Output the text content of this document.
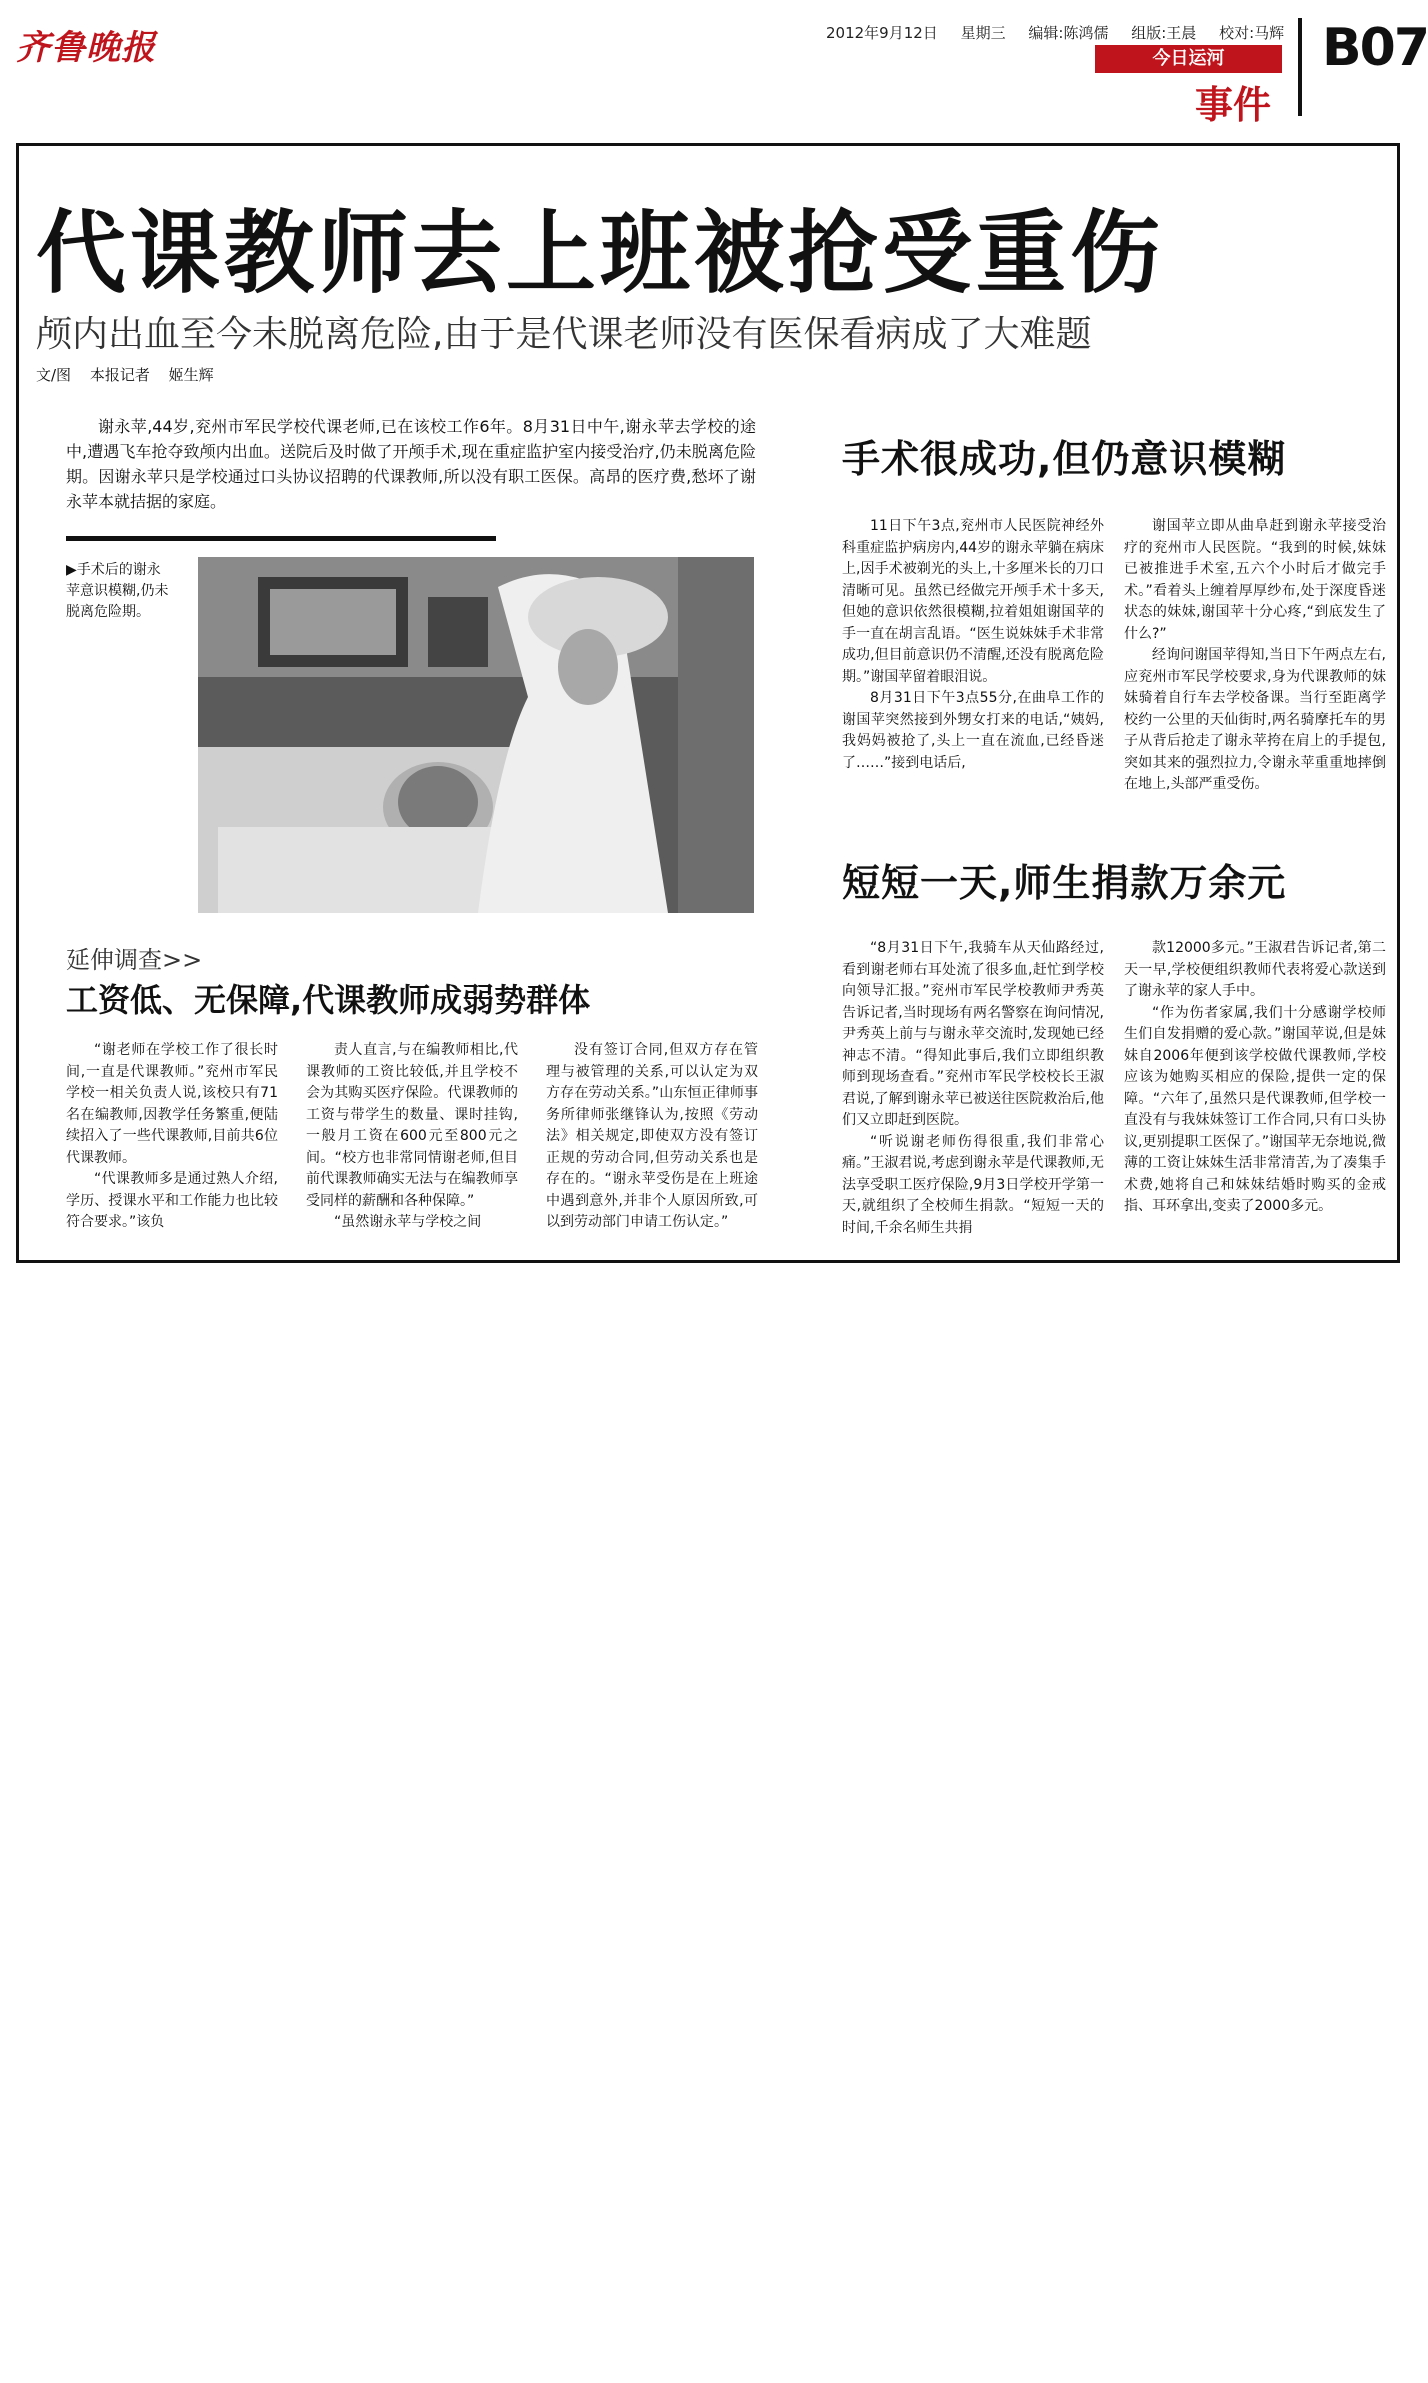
齐鲁晚报	2012年9月12日 星期三 编辑:陈鸿儒 组版:王晨 校对:马辉
今日运河
事件
B07
代课教师去上班被抢受重伤
颅内出血至今未脱离危险,由于是代课老师没有医保看病成了大难题
文/图 本报记者 姬生辉
谢永苹,44岁,兖州市军民学校代课老师,已在该校工作6年。8月31日中午,谢永苹去学校的途中,遭遇飞车抢夺致颅内出血。送院后及时做了开颅手术,现在重症监护室内接受治疗,仍未脱离危险期。因谢永苹只是学校通过口头协议招聘的代课教师,所以没有职工医保。高昂的医疗费,愁坏了谢永苹本就拮据的家庭。
▶手术后的谢永苹意识模糊,仍未脱离危险期。
手术很成功,但仍意识模糊

11日下午3点,兖州市人民医院神经外科重症监护病房内,44岁的谢永苹躺在病床上,因手术被剃光的头上,十多厘米长的刀口清晰可见。虽然已经做完开颅手术十多天,但她的意识依然很模糊,拉着姐姐谢国苹的手一直在胡言乱语。“医生说妹妹手术非常成功,但目前意识仍不清醒,还没有脱离危险期。”谢国苹留着眼泪说。

8月31日下午3点55分,在曲阜工作的谢国苹突然接到外甥女打来的电话,“姨妈,我妈妈被抢了,头上一直在流血,已经昏迷了……”接到电话后,

谢国苹立即从曲阜赶到谢永苹接受治疗的兖州市人民医院。“我到的时候,妹妹已被推进手术室,五六个小时后才做完手术。”看着头上缠着厚厚纱布,处于深度昏迷状态的妹妹,谢国苹十分心疼,“到底发生了什么?”

经询问谢国苹得知,当日下午两点左右,应兖州市军民学校要求,身为代课教师的妹妹骑着自行车去学校备课。当行至距离学校约一公里的天仙街时,两名骑摩托车的男子从背后抢走了谢永苹挎在肩上的手提包,突如其来的强烈拉力,令谢永苹重重地摔倒在地上,头部严重受伤。

短短一天,师生捐款万余元

“8月31日下午,我骑车从天仙路经过,看到谢老师右耳处流了很多血,赶忙到学校向领导汇报。”兖州市军民学校教师尹秀英告诉记者,当时现场有两名警察在询问情况,尹秀英上前与与谢永苹交流时,发现她已经神志不清。“得知此事后,我们立即组织教师到现场查看。”兖州市军民学校校长王淑君说,了解到谢永苹已被送往医院救治后,他们又立即赶到医院。

“听说谢老师伤得很重,我们非常心痛。”王淑君说,考虑到谢永苹是代课教师,无法享受职工医疗保险,9月3日学校开学第一天,就组织了全校师生捐款。“短短一天的时间,千余名师生共捐

款12000多元。”王淑君告诉记者,第二天一早,学校便组织教师代表将爱心款送到了谢永苹的家人手中。

“作为伤者家属,我们十分感谢学校师生们自发捐赠的爱心款。”谢国苹说,但是妹妹自2006年便到该学校做代课教师,学校应该为她购买相应的保险,提供一定的保障。“六年了,虽然只是代课教师,但学校一直没有与我妹妹签订工作合同,只有口头协议,更别提职工医保了。”谢国苹无奈地说,微薄的工资让妹妹生活非常清苦,为了凑集手术费,她将自己和妹妹结婚时购买的金戒指、耳环拿出,变卖了2000多元。

延伸调查>>
工资低、无保障,代课教师成弱势群体

“谢老师在学校工作了很长时间,一直是代课教师。”兖州市军民学校一相关负责人说,该校只有71名在编教师,因教学任务繁重,便陆续招入了一些代课教师,目前共6位代课教师。

“代课教师多是通过熟人介绍,学历、授课水平和工作能力也比较符合要求。”该负

责人直言,与在编教师相比,代课教师的工资比较低,并且学校不会为其购买医疗保险。代课教师的工资与带学生的数量、课时挂钩,一般月工资在600元至800元之间。“校方也非常同情谢老师,但目前代课教师确实无法与在编教师享受同样的薪酬和各种保障。”

“虽然谢永苹与学校之间

没有签订合同,但双方存在管理与被管理的关系,可以认定为双方存在劳动关系。”山东恒正律师事务所律师张继锋认为,按照《劳动法》相关规定,即使双方没有签订正规的劳动合同,但劳动关系也是存在的。“谢永苹受伤是在上班途中遇到意外,并非个人原因所致,可以到劳动部门申请工伤认定。”
